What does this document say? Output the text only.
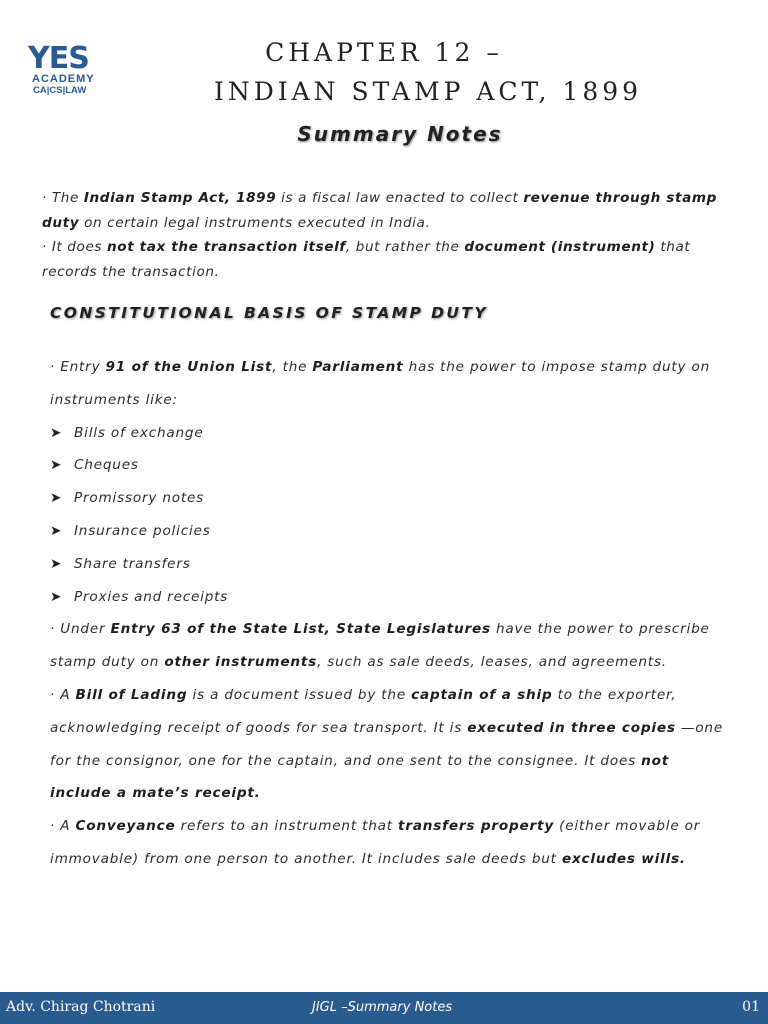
YES
ACADEMY
CA|CS|LAW
CHAPTER 12 –
INDIAN STAMP ACT, 1899
Summary Notes

· The Indian Stamp Act, 1899 is a fiscal law enacted to collect revenue through stamp duty on certain legal instruments executed in India.

· It does not tax the transaction itself, but rather the document (instrument) that records the transaction.

CONSTITUTIONAL BASIS OF STAMP DUTY

· Entry 91 of the Union List, the Parliament has the power to impose stamp duty on instruments like:

➤ Bills of exchange

➤ Cheques

➤ Promissory notes

➤ Insurance policies

➤ Share transfers

➤ Proxies and receipts

· Under Entry 63 of the State List, State Legislatures have the power to prescribe stamp duty on other instruments, such as sale deeds, leases, and agreements.

· A Bill of Lading is a document issued by the captain of a ship to the exporter, acknowledging receipt of goods for sea transport. It is executed in three copies —one for the consignor, one for the captain, and one sent to the consignee. It does not include a mate’s receipt.

· A Conveyance refers to an instrument that transfers property (either movable or immovable) from one person to another. It includes sale deeds but excludes wills.

Adv. Chirag Chotrani	JIGL –Summary Notes	01
